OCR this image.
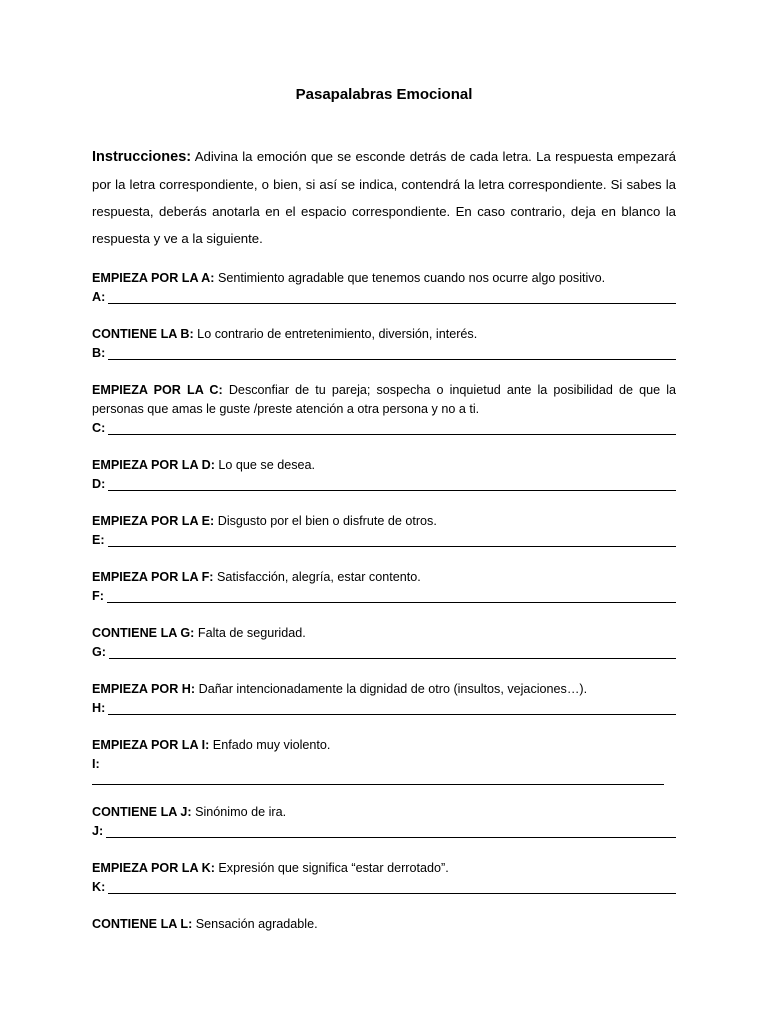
Pasapalabras Emocional

Instrucciones: Adivina la emoción que se esconde detrás de cada letra. La respuesta empezará por la letra correspondiente, o bien, si así se indica, contendrá la letra correspondiente. Si sabes la respuesta, deberás anotarla en el espacio correspondiente. En caso contrario, deja en blanco la respuesta y ve a la siguiente.

EMPIEZA POR LA A: Sentimiento agradable que tenemos cuando nos ocurre algo positivo.
A:
CONTIENE LA B: Lo contrario de entretenimiento, diversión, interés.
B:
EMPIEZA POR LA C: Desconfiar de tu pareja; sospecha o inquietud ante la posibilidad de que la personas que amas le guste /preste atención a otra persona y no a ti.
C:
EMPIEZA POR LA D: Lo que se desea.
D:
EMPIEZA POR LA E: Disgusto por el bien o disfrute de otros.
E:
EMPIEZA POR LA F: Satisfacción, alegría, estar contento.
F:
CONTIENE LA G: Falta de seguridad.
G:
EMPIEZA POR H: Dañar intencionadamente la dignidad de otro (insultos, vejaciones…).
H:
EMPIEZA POR LA I: Enfado muy violento.
I:
CONTIENE LA J: Sinónimo de ira.
J:
EMPIEZA POR LA K: Expresión que significa “estar derrotado”.
K:
CONTIENE LA L: Sensación agradable.
